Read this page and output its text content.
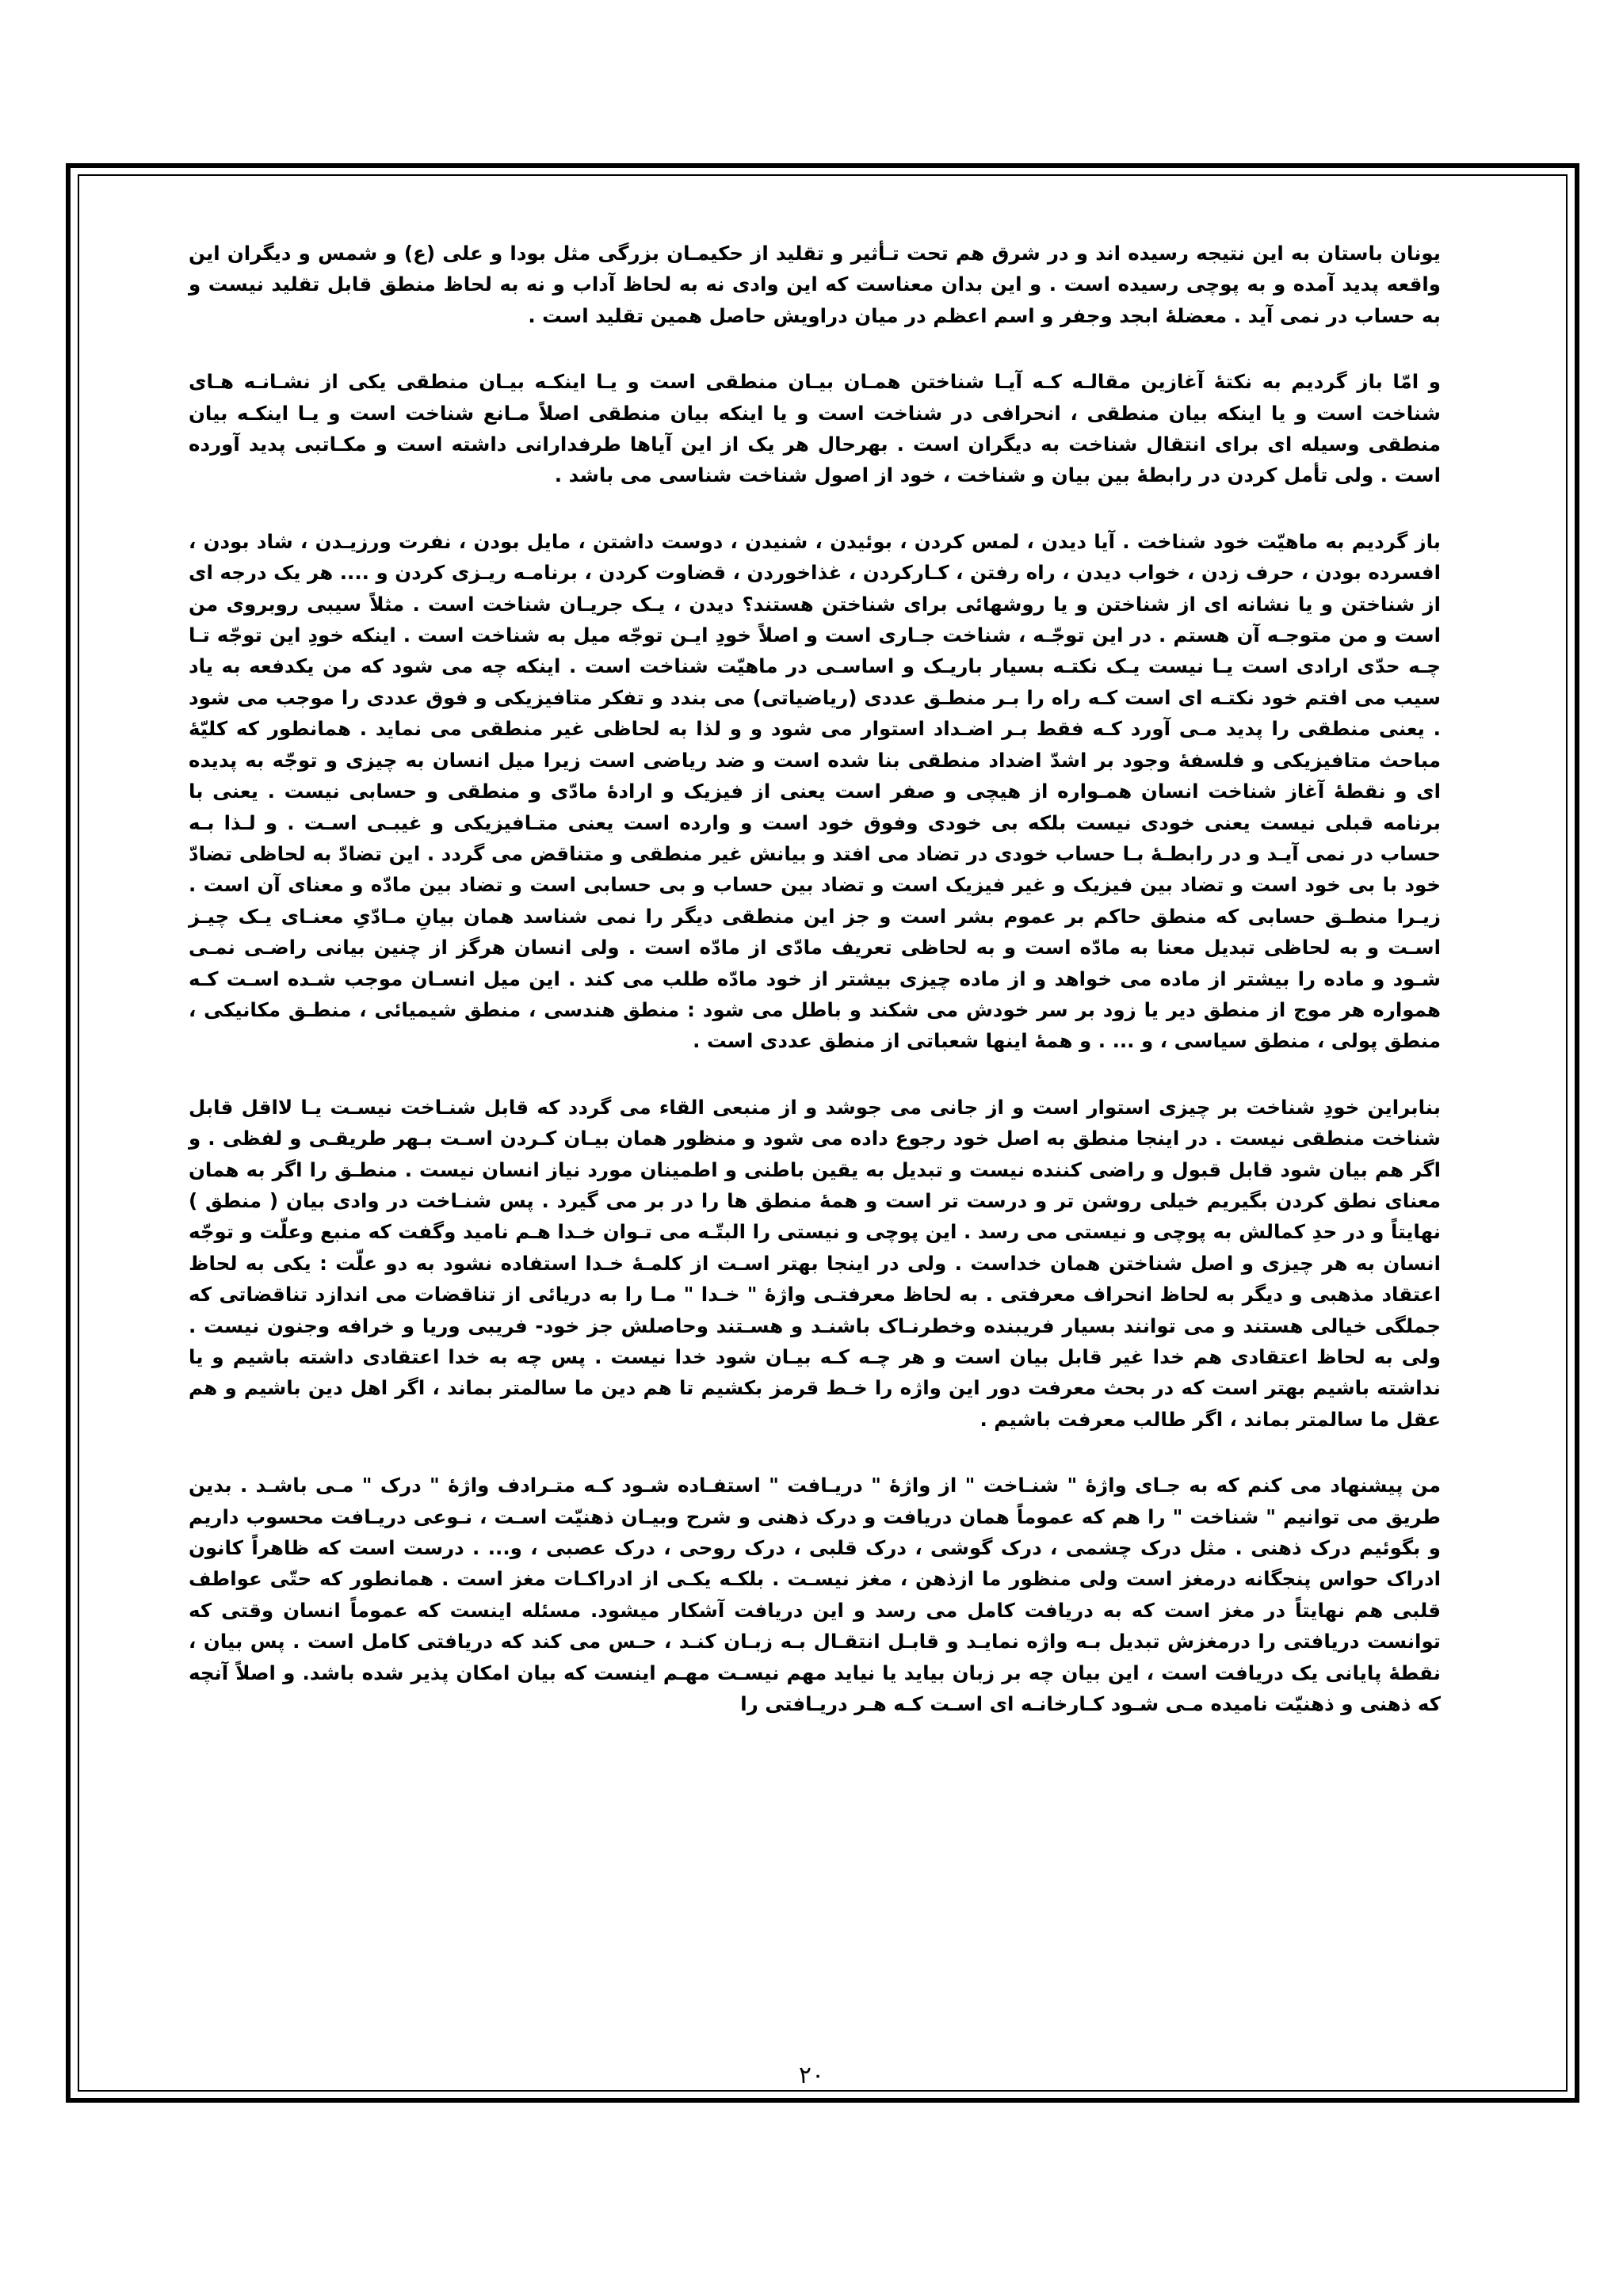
یونان باستان به این نتیجه رسیده اند و در شرق هم تحت تـأثیر و تقلید از حکیمـان بزرگی مثل بودا و علی (ع) و شمس و دیگران این واقعه پدید آمده و به پوچی رسیده است . و این بدان معناست که این وادی نه به لحاظ آداب و نه به لحاظ منطق قابل تقلید نیست و به حساب در نمی آید . معضلهٔ ابجد وجفر و اسم اعظم در میان دراویش حاصل همین تقلید است .

و امّا باز گردیم به نکتهٔ آغازین مقالـه کـه آیـا شناختن همـان بیـان منطقی است و یـا اینکـه بیـان منطقی یکی از نشـانـه هـای شناخت است و یا اینکه بیان منطقی ، انحرافی در شناخت است و یا اینکه بیان منطقی اصلاً مـانع شناخت است و یـا اینکـه بیان منطقی وسیله ای برای انتقال شناخت به دیگران است . بهرحال هر یک از این آیاها طرفدارانی داشته است و مکـاتبی پدید آورده است . ولی تأمل کردن در رابطهٔ بین بیان و شناخت ، خود از اصول شناخت شناسی می باشد .

باز گردیم به ماهیّت خود شناخت . آیا دیدن ، لمس کردن ، بوئیدن ، شنیدن ، دوست داشتن ، مایل بودن ، نفرت ورزیـدن ، شاد بودن ، افسرده بودن ، حرف زدن ، خواب دیدن ، راه رفتن ، کـارکردن ، غذاخوردن ، قضاوت کردن ، برنامـه ریـزی کردن و .... هر یک درجه ای از شناختن و یا نشانه ای از شناختن و یا روشهائی برای شناختن هستند؟ دیدن ، یـک جریـان شناخت است . مثلاً سیبی روبروی من است و من متوجـه آن هستم . در این توجّـه ، شناخت جـاری است و اصلاً خودِ ایـن توجّه میل به شناخت است . اینکه خودِ این توجّه تـا چـه حدّی ارادی است یـا نیست یـک نکتـه بسیار باریـک و اساسـی در ماهیّت شناخت است . اینکه چه می شود که من یکدفعه به یاد سیب می افتم خود نکتـه ای است کـه راه را بـر منطـق عددی (ریاضیاتی) می بندد و تفکر متافیزیکی و فوق عددی را موجب می شود . یعنی منطقی را پدید مـی آورد کـه فقط بـر اضـداد استوار می شود و و لذا به لحاظی غیر منطقی می نماید . همانطور که کلیّهٔ مباحث متافیزیکی و فلسفهٔ وجود بر اشدّ اضداد منطقی بنا شده است و ضد ریاضی است زیرا میل انسان به چیزی و توجّه به پدیده ای و نقطهٔ آغاز شناخت انسان همـواره از هیچی و صفر است یعنی از فیزیک و ارادهٔ مادّی و منطقی و حسابی نیست . یعنی با برنامه قبلی نیست یعنی خودی نیست بلکه بی خودی وفوق خود است و وارده است یعنی متـافیزیکی و غیبـی اسـت . و لـذا بـه حساب در نمی آیـد و در رابطـهٔ بـا حساب خودی در تضاد می افتد و بیانش غیر منطقی و متناقض می گردد . این تضادّ به لحاظی تضادّ خود با بی خود است و تضاد بین فیزیک و غیر فیزیک است و تضاد بین حساب و بی حسابی است و تضاد بین مادّه و معنای آن است . زیـرا منطـق حسابی که منطق حاکم بر عموم بشر است و جز این منطقی دیگر را نمی شناسد همان بیانِ مـادّیِ معنـای یـک چیـز اسـت و به لحاظی تبدیل معنا به مادّه است و به لحاظی تعریف مادّی از مادّه است . ولی انسان هرگز از چنین بیانی راضـی نمـی شـود و ماده را بیشتر از ماده می خواهد و از ماده چیزی بیشتر از خود مادّه طلب می کند . این میل انسـان موجب شـده اسـت کـه همواره هر موج از منطق دیر یا زود بر سر خودش می شکند و باطل می شود : منطق هندسی ، منطق شیمیائی ، منطـق مکانیکی ، منطق پولی ، منطق سیاسی ، و ... . و همهٔ اینها شعباتی از منطق عددی است .

بنابراین خودِ شناخت بر چیزی استوار است و از جانی می جوشد و از منبعی القاء می گردد که قابل شنـاخت نیسـت یـا لااقل قابل شناخت منطقی نیست . در اینجا منطق به اصل خود رجوع داده می شود و منظور همان بیـان کـردن اسـت بـهر طریقـی و لفظی . و اگر هم بیان شود قابل قبول و راضی کننده نیست و تبدیل به یقین باطنی و اطمینان مورد نیاز انسان نیست . منطـق را اگر به همان معنای نطق کردن بگیریم خیلی روشن تر و درست تر است و همهٔ منطق ها را در بر می گیرد . پس شنـاخت در وادی بیان ( منطق ) نهایتاً و در حدِ کمالش به پوچی و نیستی می رسد . این پوچی و نیستی را البتّـه می تـوان خـدا هـم نامید وگفت که منبع وعلّت و توجّه انسان به هر چیزی و اصل شناختن همان خداست . ولی در اینجا بهتر اسـت از کلمـهٔ خـدا استفاده نشود به دو علّت : یکی به لحاظ اعتقاد مذهبی و دیگر به لحاظ انحراف معرفتی . به لحاظ معرفتـی واژهٔ " خـدا " مـا را به دریائی از تناقضات می اندازد تناقضاتی که جملگی خیالی هستند و می توانند بسیار فریبنده وخطرنـاک باشنـد و هسـتند وحاصلش جز خود- فریبی وریا و خرافه وجنون نیست . ولی به لحاظ اعتقادی هم خدا غیر قابل بیان است و هر چـه کـه بیـان شود خدا نیست . پس چه به خدا اعتقادی داشته باشیم و یا نداشته باشیم بهتر است که در بحث معرفت دور این واژه را خـط قرمز بکشیم تا هم دین ما سالمتر بماند ، اگر اهل دین باشیم و هم عقل ما سالمتر بماند ، اگر طالب معرفت باشیم .

من پیشنهاد می کنم که به جـای واژهٔ " شنـاخت " از واژهٔ " دریـافت " استفـاده شـود کـه متـرادف واژهٔ " درک " مـی باشـد . بدین طریق می توانیم " شناخت " را هم که عموماً همان دریافت و درک ذهنی و شرح وبیـان ذهنیّت اسـت ، نـوعی دریـافت محسوب داریم و بگوئیم درک ذهنی . مثل درک چشمی ، درک گوشی ، درک قلبی ، درک روحی ، درک عصبی ، و... . درست است که ظاهراً کانون ادراک حواس پنجگانه درمغز است ولی منظور ما ازذهن ، مغز نیسـت . بلکـه یکـی از ادراکـات مغز است . همانطور که حتّی عواطف قلبی هم نهایتاً در مغز است که به دریافت کامل می رسد و این دریافت آشکار میشود. مسئله اینست که عموماً انسان وقتی که توانست دریافتی را درمغزش تبدیل بـه واژه نمایـد و قابـل انتقـال بـه زبـان کنـد ، حـس می کند که دریافتی کامل است . پس بیان ، نقطهٔ پایانی یک دریافت است ، این بیان چه بر زبان بیاید یا نیاید مهم نیسـت مهـم اینست که بیان امکان پذیر شده باشد. و اصلاً آنچه که ذهنی و ذهنیّت نامیده مـی شـود کـارخانـه ای اسـت کـه هـر دریـافتی را

۲۰
